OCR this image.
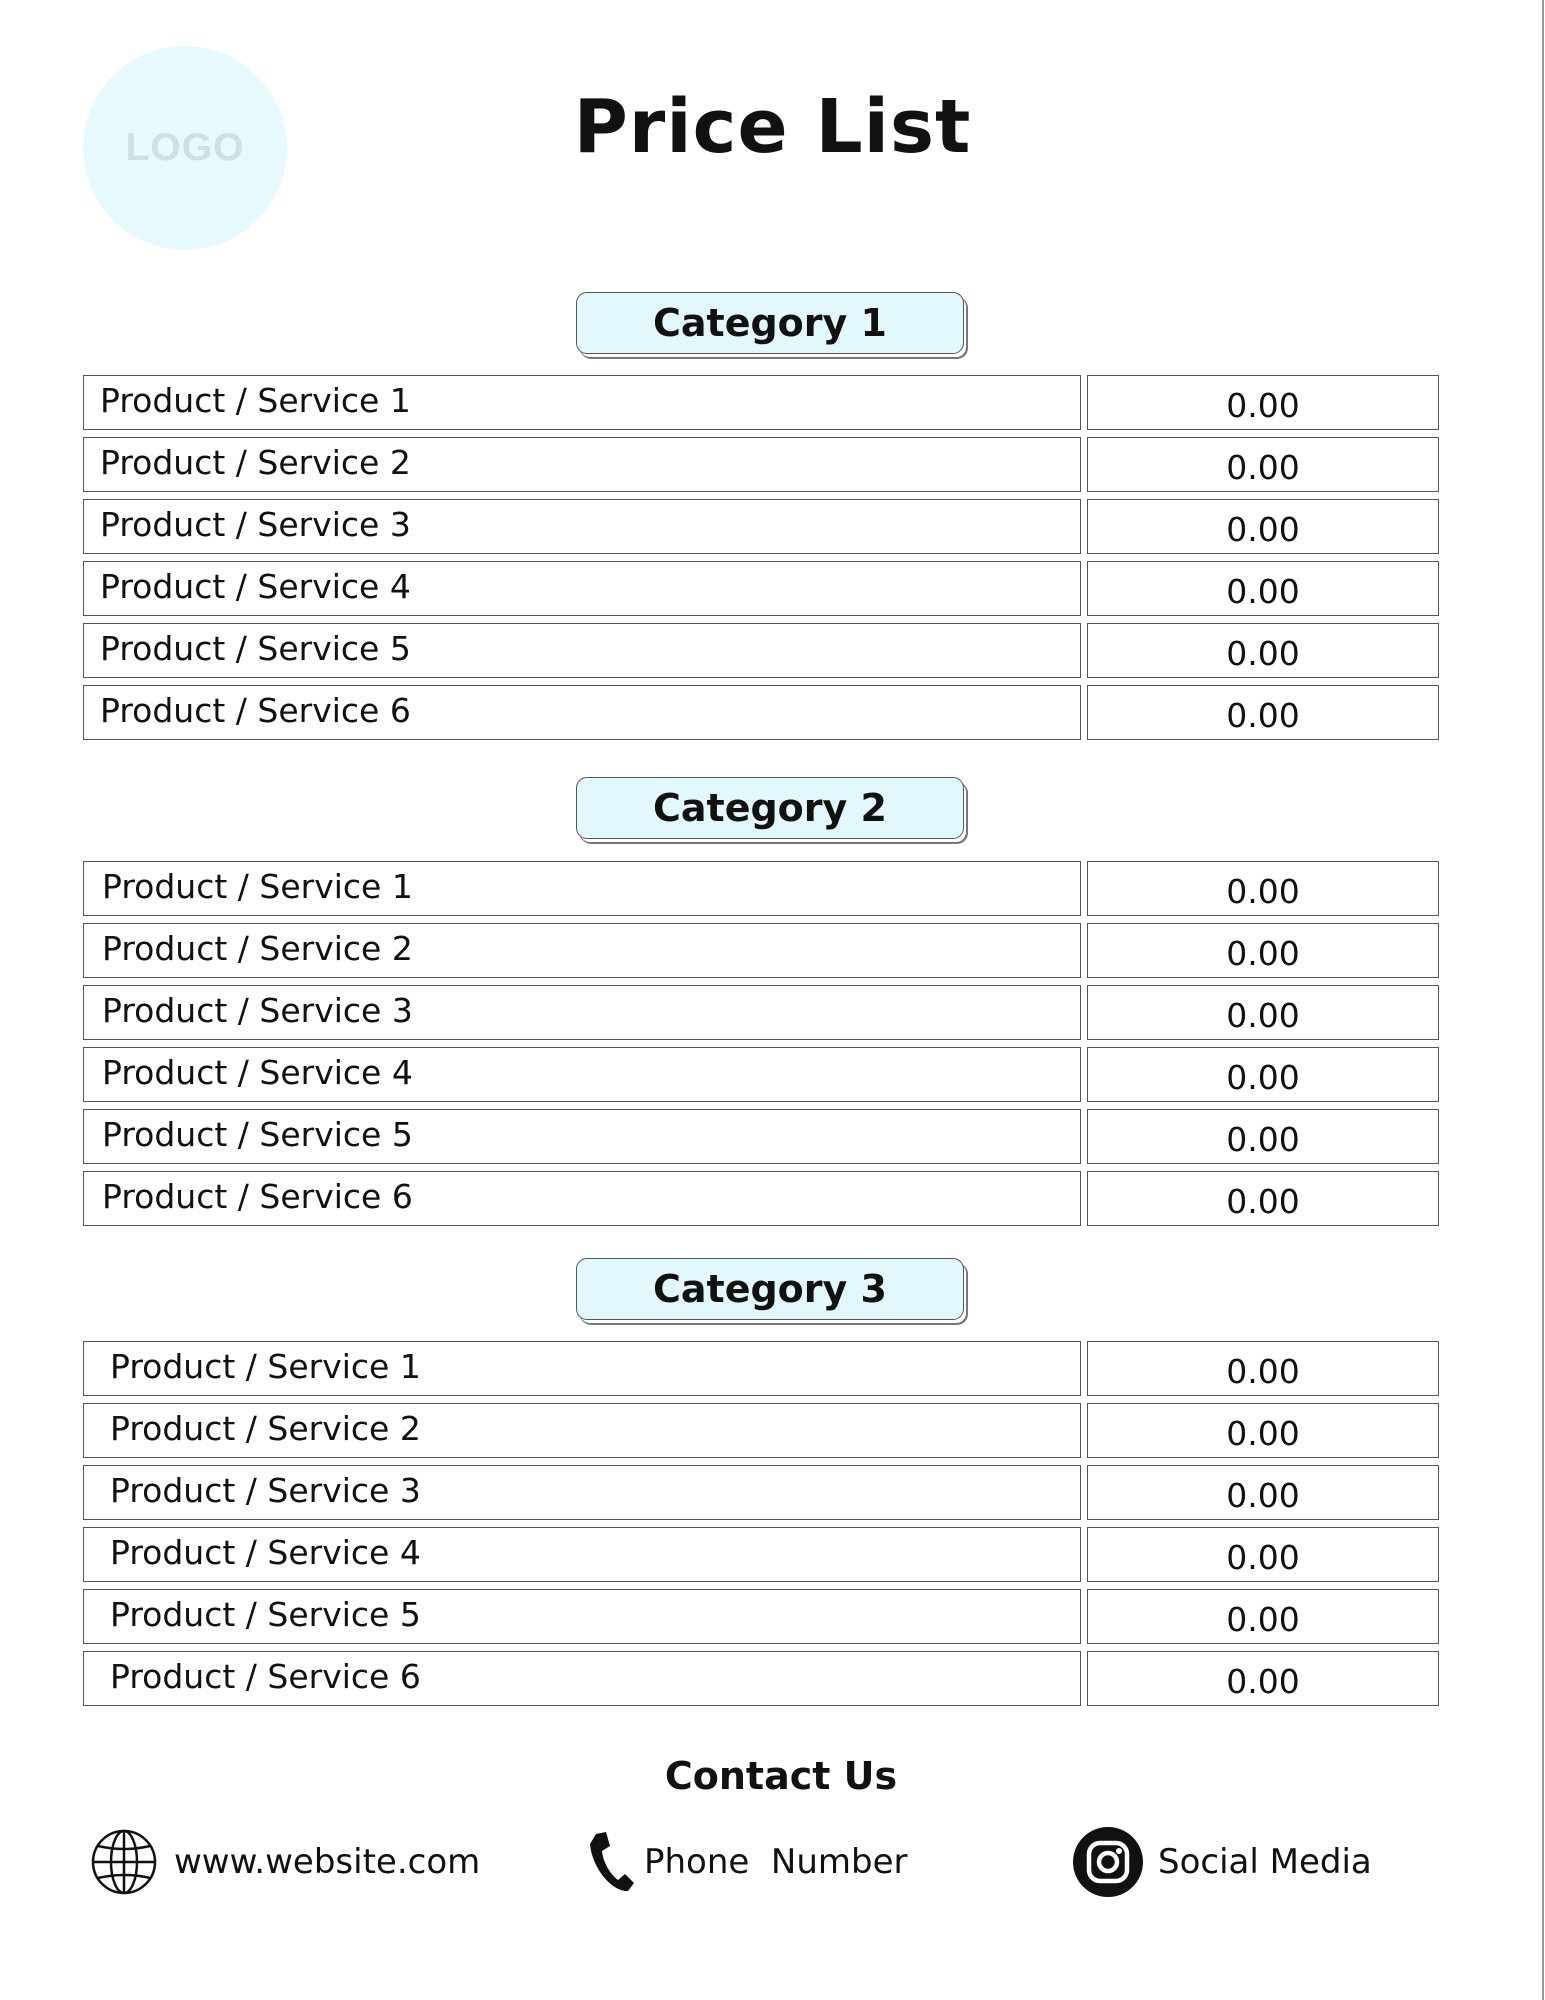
LOGO	Price List
Category 1
Product / Service 1	0.00
Product / Service 2	0.00
Product / Service 3	0.00
Product / Service 4	0.00
Product / Service 5	0.00
Product / Service 6	0.00
Category 2
Product / Service 1	0.00
Product / Service 2	0.00
Product / Service 3	0.00
Product / Service 4	0.00
Product / Service 5	0.00
Product / Service 6	0.00
Category 3
Product / Service 1	0.00
Product / Service 2	0.00
Product / Service 3	0.00
Product / Service 4	0.00
Product / Service 5	0.00
Product / Service 6	0.00
Contact Us
www.website.com	Phone  Number	Social Media
